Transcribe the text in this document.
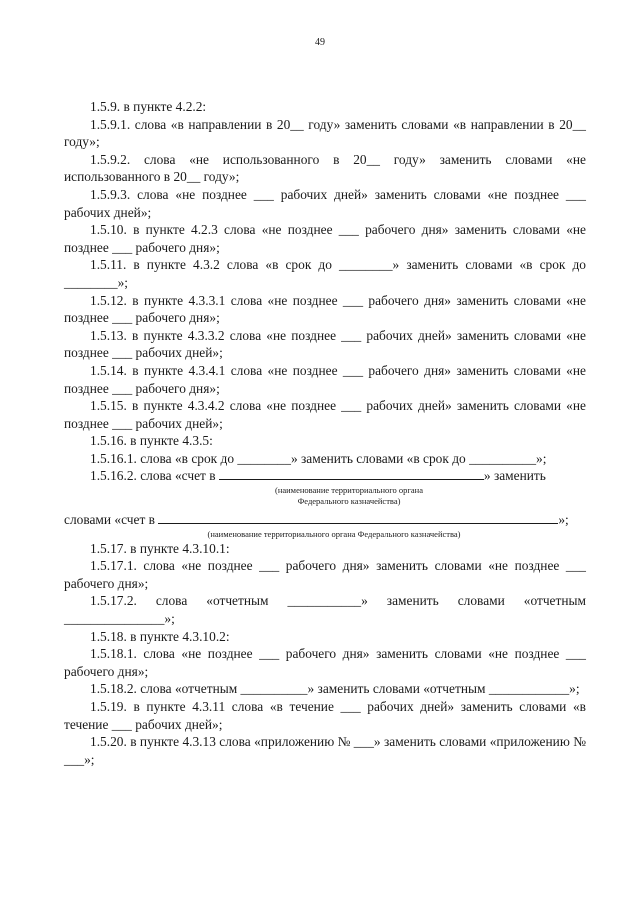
49

1.5.9. в пункте 4.2.2:

1.5.9.1. слова «в направлении в 20__ году» заменить словами «в направлении в 20__ году»;

1.5.9.2. слова «не использованного в 20__ году» заменить словами «не использованного в 20__ году»;

1.5.9.3. слова «не позднее ___ рабочих дней» заменить словами «не позднее ___ рабочих дней»;

1.5.10. в пункте 4.2.3 слова «не позднее ___ рабочего дня» заменить словами «не позднее ___ рабочего дня»;

1.5.11. в пункте 4.3.2 слова «в срок до ________» заменить словами «в срок до ________»;

1.5.12. в пункте 4.3.3.1 слова «не позднее ___ рабочего дня» заменить словами «не позднее ___ рабочего дня»;

1.5.13. в пункте 4.3.3.2 слова «не позднее ___ рабочих дней» заменить словами «не позднее ___ рабочих дней»;

1.5.14. в пункте 4.3.4.1 слова «не позднее ___ рабочего дня» заменить словами «не позднее ___ рабочего дня»;

1.5.15. в пункте 4.3.4.2 слова «не позднее ___ рабочих дней» заменить словами «не позднее ___ рабочих дней»;

1.5.16. в пункте 4.3.5:

1.5.16.1. слова «в срок до ________» заменить словами «в срок до __________»;

1.5.16.2. слова «счет в	» заменить

(наименование территориального органа Федерального казначейства)

словами «счет в	»;

(наименование территориального органа Федерального казначейства)

1.5.17. в пункте 4.3.10.1:

1.5.17.1. слова «не позднее ___ рабочего дня» заменить словами «не позднее ___ рабочего дня»;

1.5.17.2. слова «отчетным ___________» заменить словами «отчетным _______________»;

1.5.18. в пункте 4.3.10.2:

1.5.18.1. слова «не позднее ___ рабочего дня» заменить словами «не позднее ___ рабочего дня»;

1.5.18.2. слова «отчетным __________» заменить словами «отчетным ____________»;

1.5.19. в пункте 4.3.11 слова «в течение ___ рабочих дней» заменить словами «в течение ___ рабочих дней»;

1.5.20. в пункте 4.3.13 слова «приложению № ___» заменить словами «приложению № ___»;
